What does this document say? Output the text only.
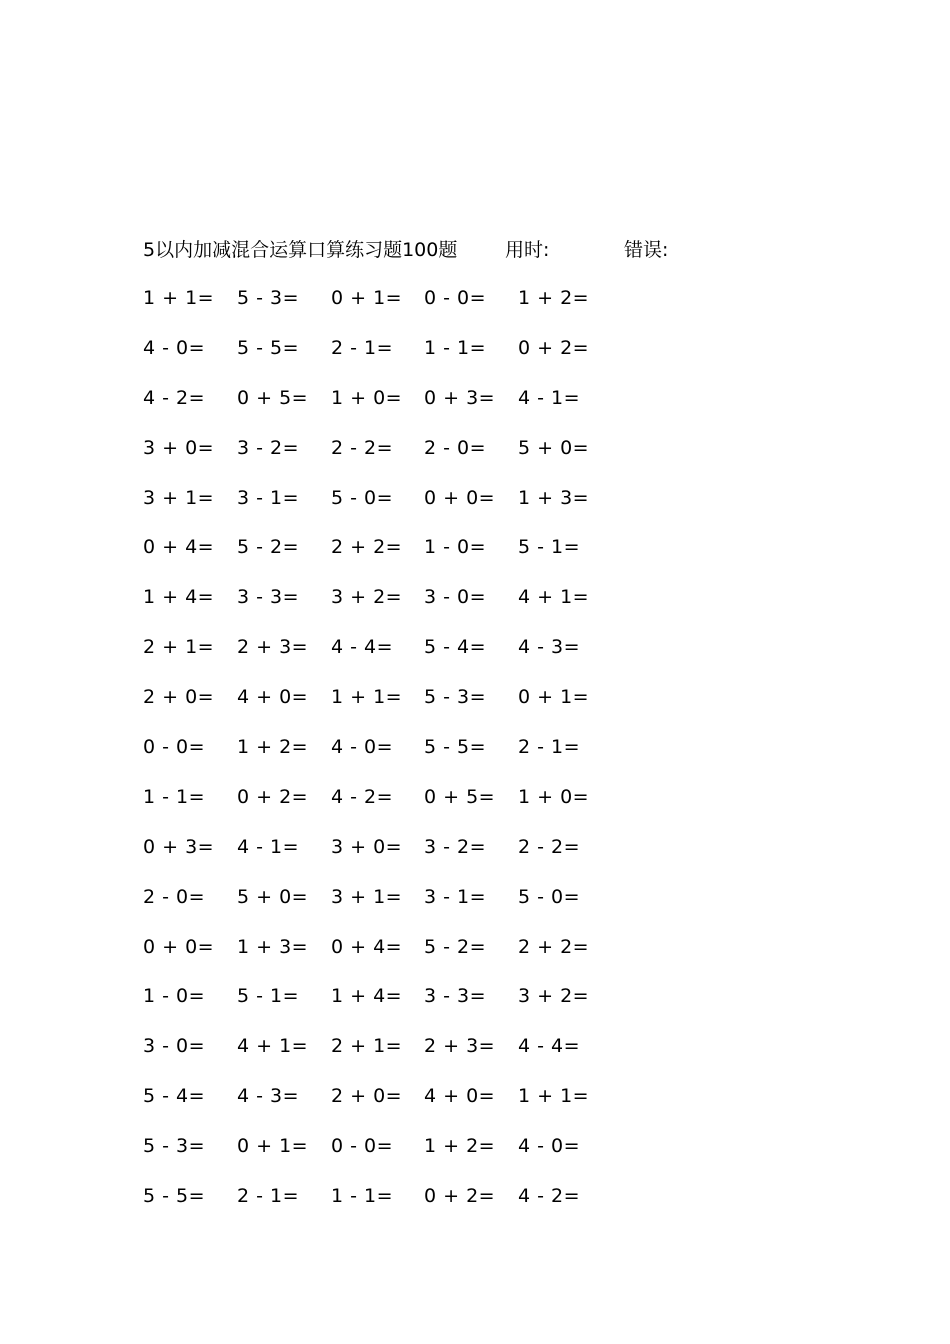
5以内加减混合运算口算练习题100题	用时:	错误:
1 + 1= 5 - 3= 0 + 1= 0 - 0= 1 + 2=
4 - 0= 5 - 5= 2 - 1= 1 - 1= 0 + 2=
4 - 2= 0 + 5= 1 + 0= 0 + 3= 4 - 1=
3 + 0= 3 - 2= 2 - 2= 2 - 0= 5 + 0=
3 + 1= 3 - 1= 5 - 0= 0 + 0= 1 + 3=
0 + 4= 5 - 2= 2 + 2= 1 - 0= 5 - 1=
1 + 4= 3 - 3= 3 + 2= 3 - 0= 4 + 1=
2 + 1= 2 + 3= 4 - 4= 5 - 4= 4 - 3=
2 + 0= 4 + 0= 1 + 1= 5 - 3= 0 + 1=
0 - 0= 1 + 2= 4 - 0= 5 - 5= 2 - 1=
1 - 1= 0 + 2= 4 - 2= 0 + 5= 1 + 0=
0 + 3= 4 - 1= 3 + 0= 3 - 2= 2 - 2=
2 - 0= 5 + 0= 3 + 1= 3 - 1= 5 - 0=
0 + 0= 1 + 3= 0 + 4= 5 - 2= 2 + 2=
1 - 0= 5 - 1= 1 + 4= 3 - 3= 3 + 2=
3 - 0= 4 + 1= 2 + 1= 2 + 3= 4 - 4=
5 - 4= 4 - 3= 2 + 0= 4 + 0= 1 + 1=
5 - 3= 0 + 1= 0 - 0= 1 + 2= 4 - 0=
5 - 5= 2 - 1= 1 - 1= 0 + 2= 4 - 2=
